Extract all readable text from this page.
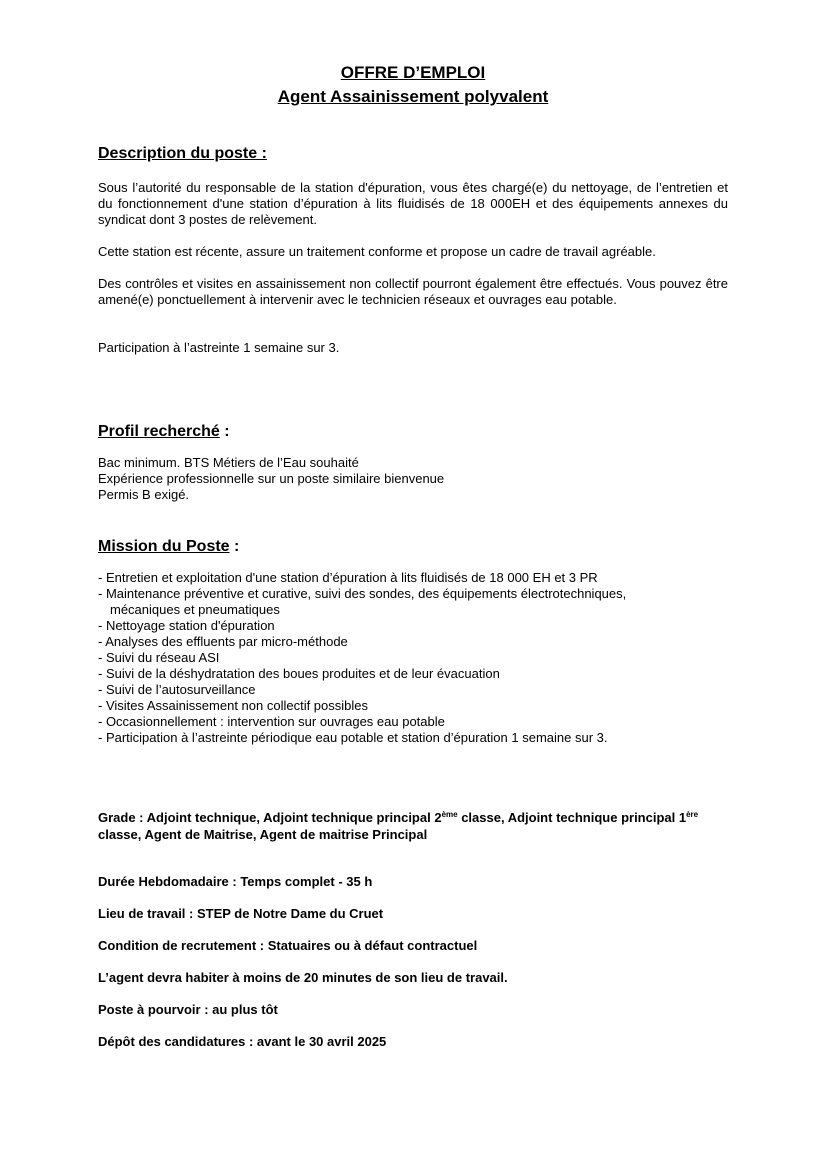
OFFRE D’EMPLOI
Agent Assainissement polyvalent
Description du poste :

Sous l’autorité du responsable de la station d'épuration, vous êtes chargé(e) du nettoyage, de l’entretien et du fonctionnement d'une station d’épuration à lits fluidisés de 18 000EH et des équipements annexes du syndicat dont 3 postes de relèvement.

Cette station est récente, assure un traitement conforme et propose un cadre de travail agréable.

Des contrôles et visites en assainissement non collectif pourront également être effectués. Vous pouvez être amené(e) ponctuellement à intervenir avec le technicien réseaux et ouvrages eau potable.

Participation à l’astreinte 1 semaine sur 3.

Profil recherché :
Bac minimum. BTS Métiers de l’Eau souhaité
Expérience professionnelle sur un poste similaire bienvenue
Permis B exigé.
Mission du Poste :
- Entretien et exploitation d'une station d’épuration à lits fluidisés de 18 000 EH et 3 PR
- Maintenance préventive et curative, suivi des sondes, des équipements électrotechniques,
mécaniques et pneumatiques
- Nettoyage station d'épuration
- Analyses des effluents par micro-méthode
- Suivi du réseau ASI
- Suivi de la déshydratation des boues produites et de leur évacuation
- Suivi de l’autosurveillance
- Visites Assainissement non collectif possibles
- Occasionnellement : intervention sur ouvrages eau potable
- Participation à l’astreinte périodique eau potable et station d’épuration 1 semaine sur 3.

Grade : Adjoint technique, Adjoint technique principal 2ème classe, Adjoint technique principal 1ère classe, Agent de Maitrise, Agent de maitrise Principal

Durée Hebdomadaire : Temps complet - 35 h

Lieu de travail : STEP de Notre Dame du Cruet

Condition de recrutement : Statuaires ou à défaut contractuel

L’agent devra habiter à moins de 20 minutes de son lieu de travail.

Poste à pourvoir : au plus tôt

Dépôt des candidatures : avant le 30 avril 2025
